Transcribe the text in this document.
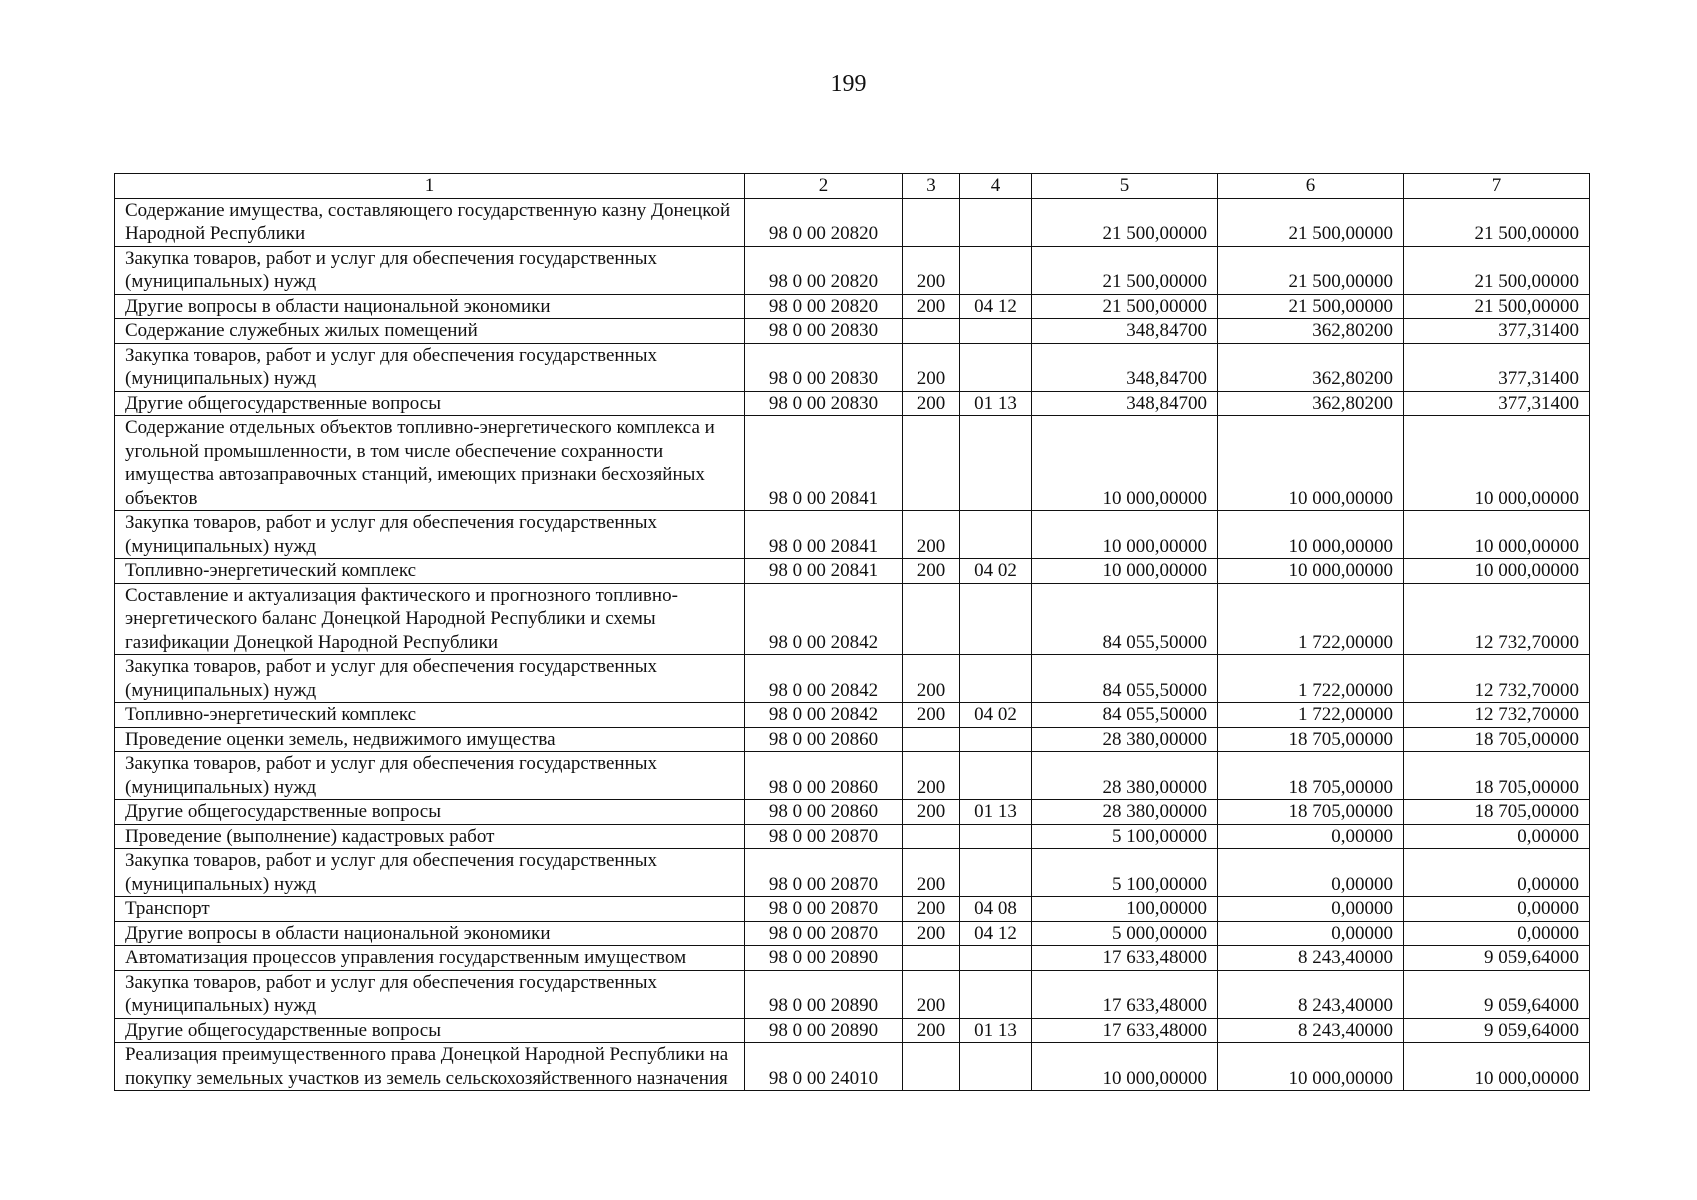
199
1	2	3	4	5	6	7
Содержание имущества, составляющего государственную казну Донецкой Народной Республики	98 0 00 20820			21 500,00000	21 500,00000	21 500,00000
Закупка товаров, работ и услуг для обеспечения государственных (муниципальных) нужд	98 0 00 20820	200		21 500,00000	21 500,00000	21 500,00000
Другие вопросы в области национальной экономики	98 0 00 20820	200	04 12	21 500,00000	21 500,00000	21 500,00000
Содержание служебных жилых помещений	98 0 00 20830			348,84700	362,80200	377,31400
Закупка товаров, работ и услуг для обеспечения государственных (муниципальных) нужд	98 0 00 20830	200		348,84700	362,80200	377,31400
Другие общегосударственные вопросы	98 0 00 20830	200	01 13	348,84700	362,80200	377,31400
Содержание отдельных объектов топливно-энергетического комплекса и угольной промышленности, в том числе обеспечение сохранности имущества автозаправочных станций, имеющих признаки бесхозяйных объектов	98 0 00 20841			10 000,00000	10 000,00000	10 000,00000
Закупка товаров, работ и услуг для обеспечения государственных (муниципальных) нужд	98 0 00 20841	200		10 000,00000	10 000,00000	10 000,00000
Топливно-энергетический комплекс	98 0 00 20841	200	04 02	10 000,00000	10 000,00000	10 000,00000
Составление и актуализация фактического и прогнозного топливно-энергетического баланс Донецкой Народной Республики и схемы газификации Донецкой Народной Республики	98 0 00 20842			84 055,50000	1 722,00000	12 732,70000
Закупка товаров, работ и услуг для обеспечения государственных (муниципальных) нужд	98 0 00 20842	200		84 055,50000	1 722,00000	12 732,70000
Топливно-энергетический комплекс	98 0 00 20842	200	04 02	84 055,50000	1 722,00000	12 732,70000
Проведение оценки земель, недвижимого имущества	98 0 00 20860			28 380,00000	18 705,00000	18 705,00000
Закупка товаров, работ и услуг для обеспечения государственных (муниципальных) нужд	98 0 00 20860	200		28 380,00000	18 705,00000	18 705,00000
Другие общегосударственные вопросы	98 0 00 20860	200	01 13	28 380,00000	18 705,00000	18 705,00000
Проведение (выполнение) кадастровых работ	98 0 00 20870			5 100,00000	0,00000	0,00000
Закупка товаров, работ и услуг для обеспечения государственных (муниципальных) нужд	98 0 00 20870	200		5 100,00000	0,00000	0,00000
Транспорт	98 0 00 20870	200	04 08	100,00000	0,00000	0,00000
Другие вопросы в области национальной экономики	98 0 00 20870	200	04 12	5 000,00000	0,00000	0,00000
Автоматизация процессов управления государственным имуществом	98 0 00 20890			17 633,48000	8 243,40000	9 059,64000
Закупка товаров, работ и услуг для обеспечения государственных (муниципальных) нужд	98 0 00 20890	200		17 633,48000	8 243,40000	9 059,64000
Другие общегосударственные вопросы	98 0 00 20890	200	01 13	17 633,48000	8 243,40000	9 059,64000
Реализация преимущественного права Донецкой Народной Республики на покупку земельных участков из земель сельскохозяйственного назначения	98 0 00 24010			10 000,00000	10 000,00000	10 000,00000
